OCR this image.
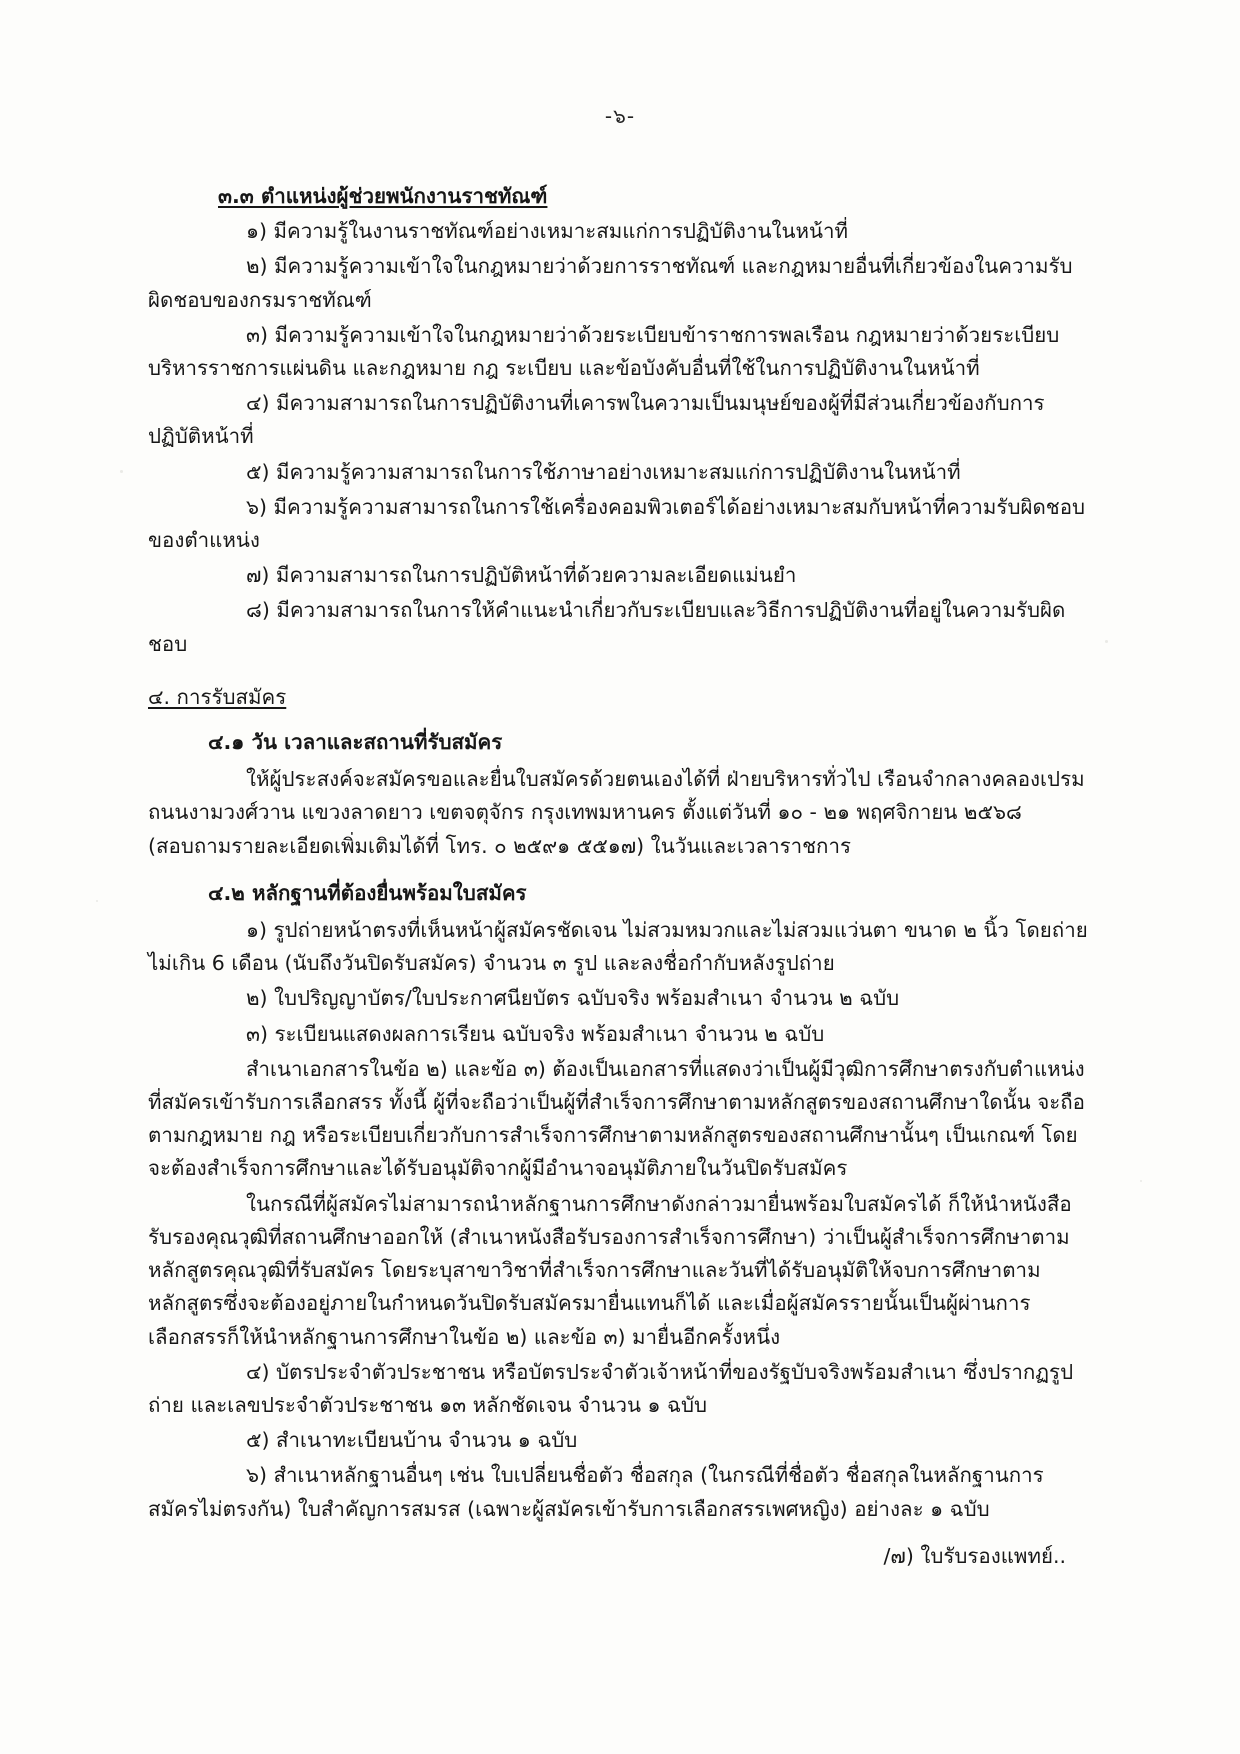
-๖-

๓.๓ ตำแหน่งผู้ช่วยพนักงานราชทัณฑ์

๑) มีความรู้ในงานราชทัณฑ์อย่างเหมาะสมแก่การปฏิบัติงานในหน้าที่

๒) มีความรู้ความเข้าใจในกฎหมายว่าด้วยการราชทัณฑ์ และกฎหมายอื่นที่เกี่ยวข้องในความรับผิดชอบของกรมราชทัณฑ์

๓) มีความรู้ความเข้าใจในกฎหมายว่าด้วยระเบียบข้าราชการพลเรือน กฎหมายว่าด้วยระเบียบบริหารราชการแผ่นดิน และกฎหมาย กฎ ระเบียบ และข้อบังคับอื่นที่ใช้ในการปฏิบัติงานในหน้าที่

๔) มีความสามารถในการปฏิบัติงานที่เคารพในความเป็นมนุษย์ของผู้ที่มีส่วนเกี่ยวข้องกับการปฏิบัติหน้าที่

๕) มีความรู้ความสามารถในการใช้ภาษาอย่างเหมาะสมแก่การปฏิบัติงานในหน้าที่

๖) มีความรู้ความสามารถในการใช้เครื่องคอมพิวเตอร์ได้อย่างเหมาะสมกับหน้าที่ความรับผิดชอบของตำแหน่ง

๗) มีความสามารถในการปฏิบัติหน้าที่ด้วยความละเอียดแม่นยำ

๘) มีความสามารถในการให้คำแนะนำเกี่ยวกับระเบียบและวิธีการปฏิบัติงานที่อยู่ในความรับผิดชอบ

๔. การรับสมัคร

๔.๑ วัน เวลาและสถานที่รับสมัคร

ให้ผู้ประสงค์จะสมัครขอและยื่นใบสมัครด้วยตนเองได้ที่ ฝ่ายบริหารทั่วไป เรือนจำกลางคลองเปรม ถนนงามวงศ์วาน แขวงลาดยาว เขตจตุจักร กรุงเทพมหานคร ตั้งแต่วันที่ ๑๐ - ๒๑ พฤศจิกายน ๒๕๖๘ (สอบถามรายละเอียดเพิ่มเติมได้ที่ โทร. ๐ ๒๕๙๑ ๕๕๑๗) ในวันและเวลาราชการ

๔.๒ หลักฐานที่ต้องยื่นพร้อมใบสมัคร

๑) รูปถ่ายหน้าตรงที่เห็นหน้าผู้สมัครชัดเจน ไม่สวมหมวกและไม่สวมแว่นตา ขนาด ๒ นิ้ว โดยถ่ายไม่เกิน 6 เดือน (นับถึงวันปิดรับสมัคร) จำนวน ๓ รูป และลงชื่อกำกับหลังรูปถ่าย

๒) ใบปริญญาบัตร/ใบประกาศนียบัตร ฉบับจริง พร้อมสำเนา จำนวน ๒ ฉบับ

๓) ระเบียนแสดงผลการเรียน ฉบับจริง พร้อมสำเนา จำนวน ๒ ฉบับ

สำเนาเอกสารในข้อ ๒) และข้อ ๓) ต้องเป็นเอกสารที่แสดงว่าเป็นผู้มีวุฒิการศึกษาตรงกับตำแหน่งที่สมัครเข้ารับการเลือกสรร ทั้งนี้ ผู้ที่จะถือว่าเป็นผู้ที่สำเร็จการศึกษาตามหลักสูตรของสถานศึกษาใดนั้น จะถือตามกฎหมาย กฎ หรือระเบียบเกี่ยวกับการสำเร็จการศึกษาตามหลักสูตรของสถานศึกษานั้นๆ เป็นเกณฑ์ โดยจะต้องสำเร็จการศึกษาและได้รับอนุมัติจากผู้มีอำนาจอนุมัติภายในวันปิดรับสมัคร

ในกรณีที่ผู้สมัครไม่สามารถนำหลักฐานการศึกษาดังกล่าวมายื่นพร้อมใบสมัครได้ ก็ให้นำหนังสือรับรองคุณวุฒิที่สถานศึกษาออกให้ (สำเนาหนังสือรับรองการสำเร็จการศึกษา) ว่าเป็นผู้สำเร็จการศึกษาตามหลักสูตรคุณวุฒิที่รับสมัคร โดยระบุสาขาวิชาที่สำเร็จการศึกษาและวันที่ได้รับอนุมัติให้จบการศึกษาตามหลักสูตรซึ่งจะต้องอยู่ภายในกำหนดวันปิดรับสมัครมายื่นแทนก็ได้ และเมื่อผู้สมัครรายนั้นเป็นผู้ผ่านการเลือกสรรก็ให้นำหลักฐานการศึกษาในข้อ ๒) และข้อ ๓) มายื่นอีกครั้งหนึ่ง

๔) บัตรประจำตัวประชาชน หรือบัตรประจำตัวเจ้าหน้าที่ของรัฐบับจริงพร้อมสำเนา ซึ่งปรากฏรูปถ่าย และเลขประจำตัวประชาชน ๑๓ หลักชัดเจน จำนวน ๑ ฉบับ

๕) สำเนาทะเบียนบ้าน จำนวน ๑ ฉบับ

๖) สำเนาหลักฐานอื่นๆ เช่น ใบเปลี่ยนชื่อตัว ชื่อสกุล (ในกรณีที่ชื่อตัว ชื่อสกุลในหลักฐานการสมัครไม่ตรงกัน) ใบสำคัญการสมรส (เฉพาะผู้สมัครเข้ารับการเลือกสรรเพศหญิง) อย่างละ ๑ ฉบับ

/๗) ใบรับรองแพทย์..
